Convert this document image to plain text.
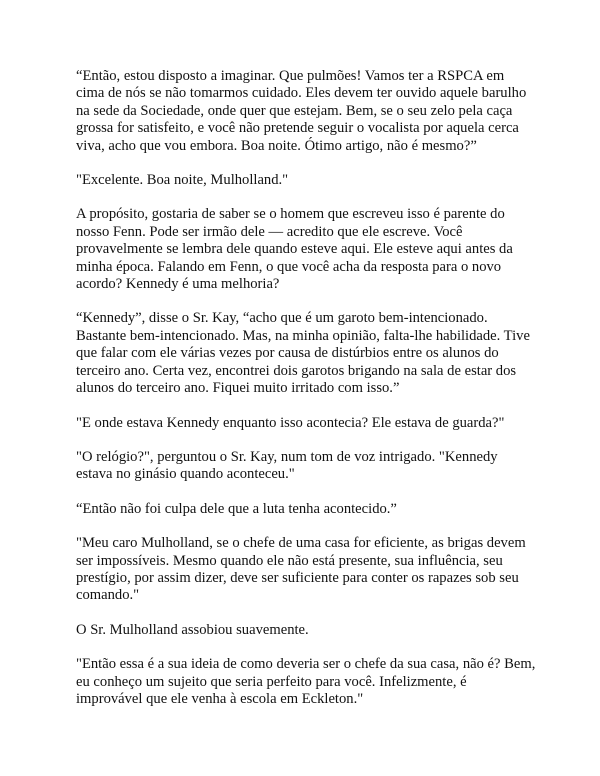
“Então, estou disposto a imaginar. Que pulmões! Vamos ter a RSPCA em cima de nós se não tomarmos cuidado. Eles devem ter ouvido aquele barulho na sede da Sociedade, onde quer que estejam. Bem, se o seu zelo pela caça grossa for satisfeito, e você não pretende seguir o vocalista por aquela cerca viva, acho que vou embora. Boa noite. Ótimo artigo, não é mesmo?”

"Excelente. Boa noite, Mulholland."

A propósito, gostaria de saber se o homem que escreveu isso é parente do nosso Fenn. Pode ser irmão dele — acredito que ele escreve. Você provavelmente se lembra dele quando esteve aqui. Ele esteve aqui antes da minha época. Falando em Fenn, o que você acha da resposta para o novo acordo? Kennedy é uma melhoria?

“Kennedy”, disse o Sr. Kay, “acho que é um garoto bem-intencionado. Bastante bem-intencionado. Mas, na minha opinião, falta-lhe habilidade. Tive que falar com ele várias vezes por causa de distúrbios entre os alunos do terceiro ano. Certa vez, encontrei dois garotos brigando na sala de estar dos alunos do terceiro ano. Fiquei muito irritado com isso.”

"E onde estava Kennedy enquanto isso acontecia? Ele estava de guarda?"

"O relógio?", perguntou o Sr. Kay, num tom de voz intrigado. "Kennedy estava no ginásio quando aconteceu."

“Então não foi culpa dele que a luta tenha acontecido.”

"Meu caro Mulholland, se o chefe de uma casa for eficiente, as brigas devem ser impossíveis. Mesmo quando ele não está presente, sua influência, seu prestígio, por assim dizer, deve ser suficiente para conter os rapazes sob seu comando."

O Sr. Mulholland assobiou suavemente.

"Então essa é a sua ideia de como deveria ser o chefe da sua casa, não é? Bem, eu conheço um sujeito que seria perfeito para você. Infelizmente, é improvável que ele venha à escola em Eckleton."
